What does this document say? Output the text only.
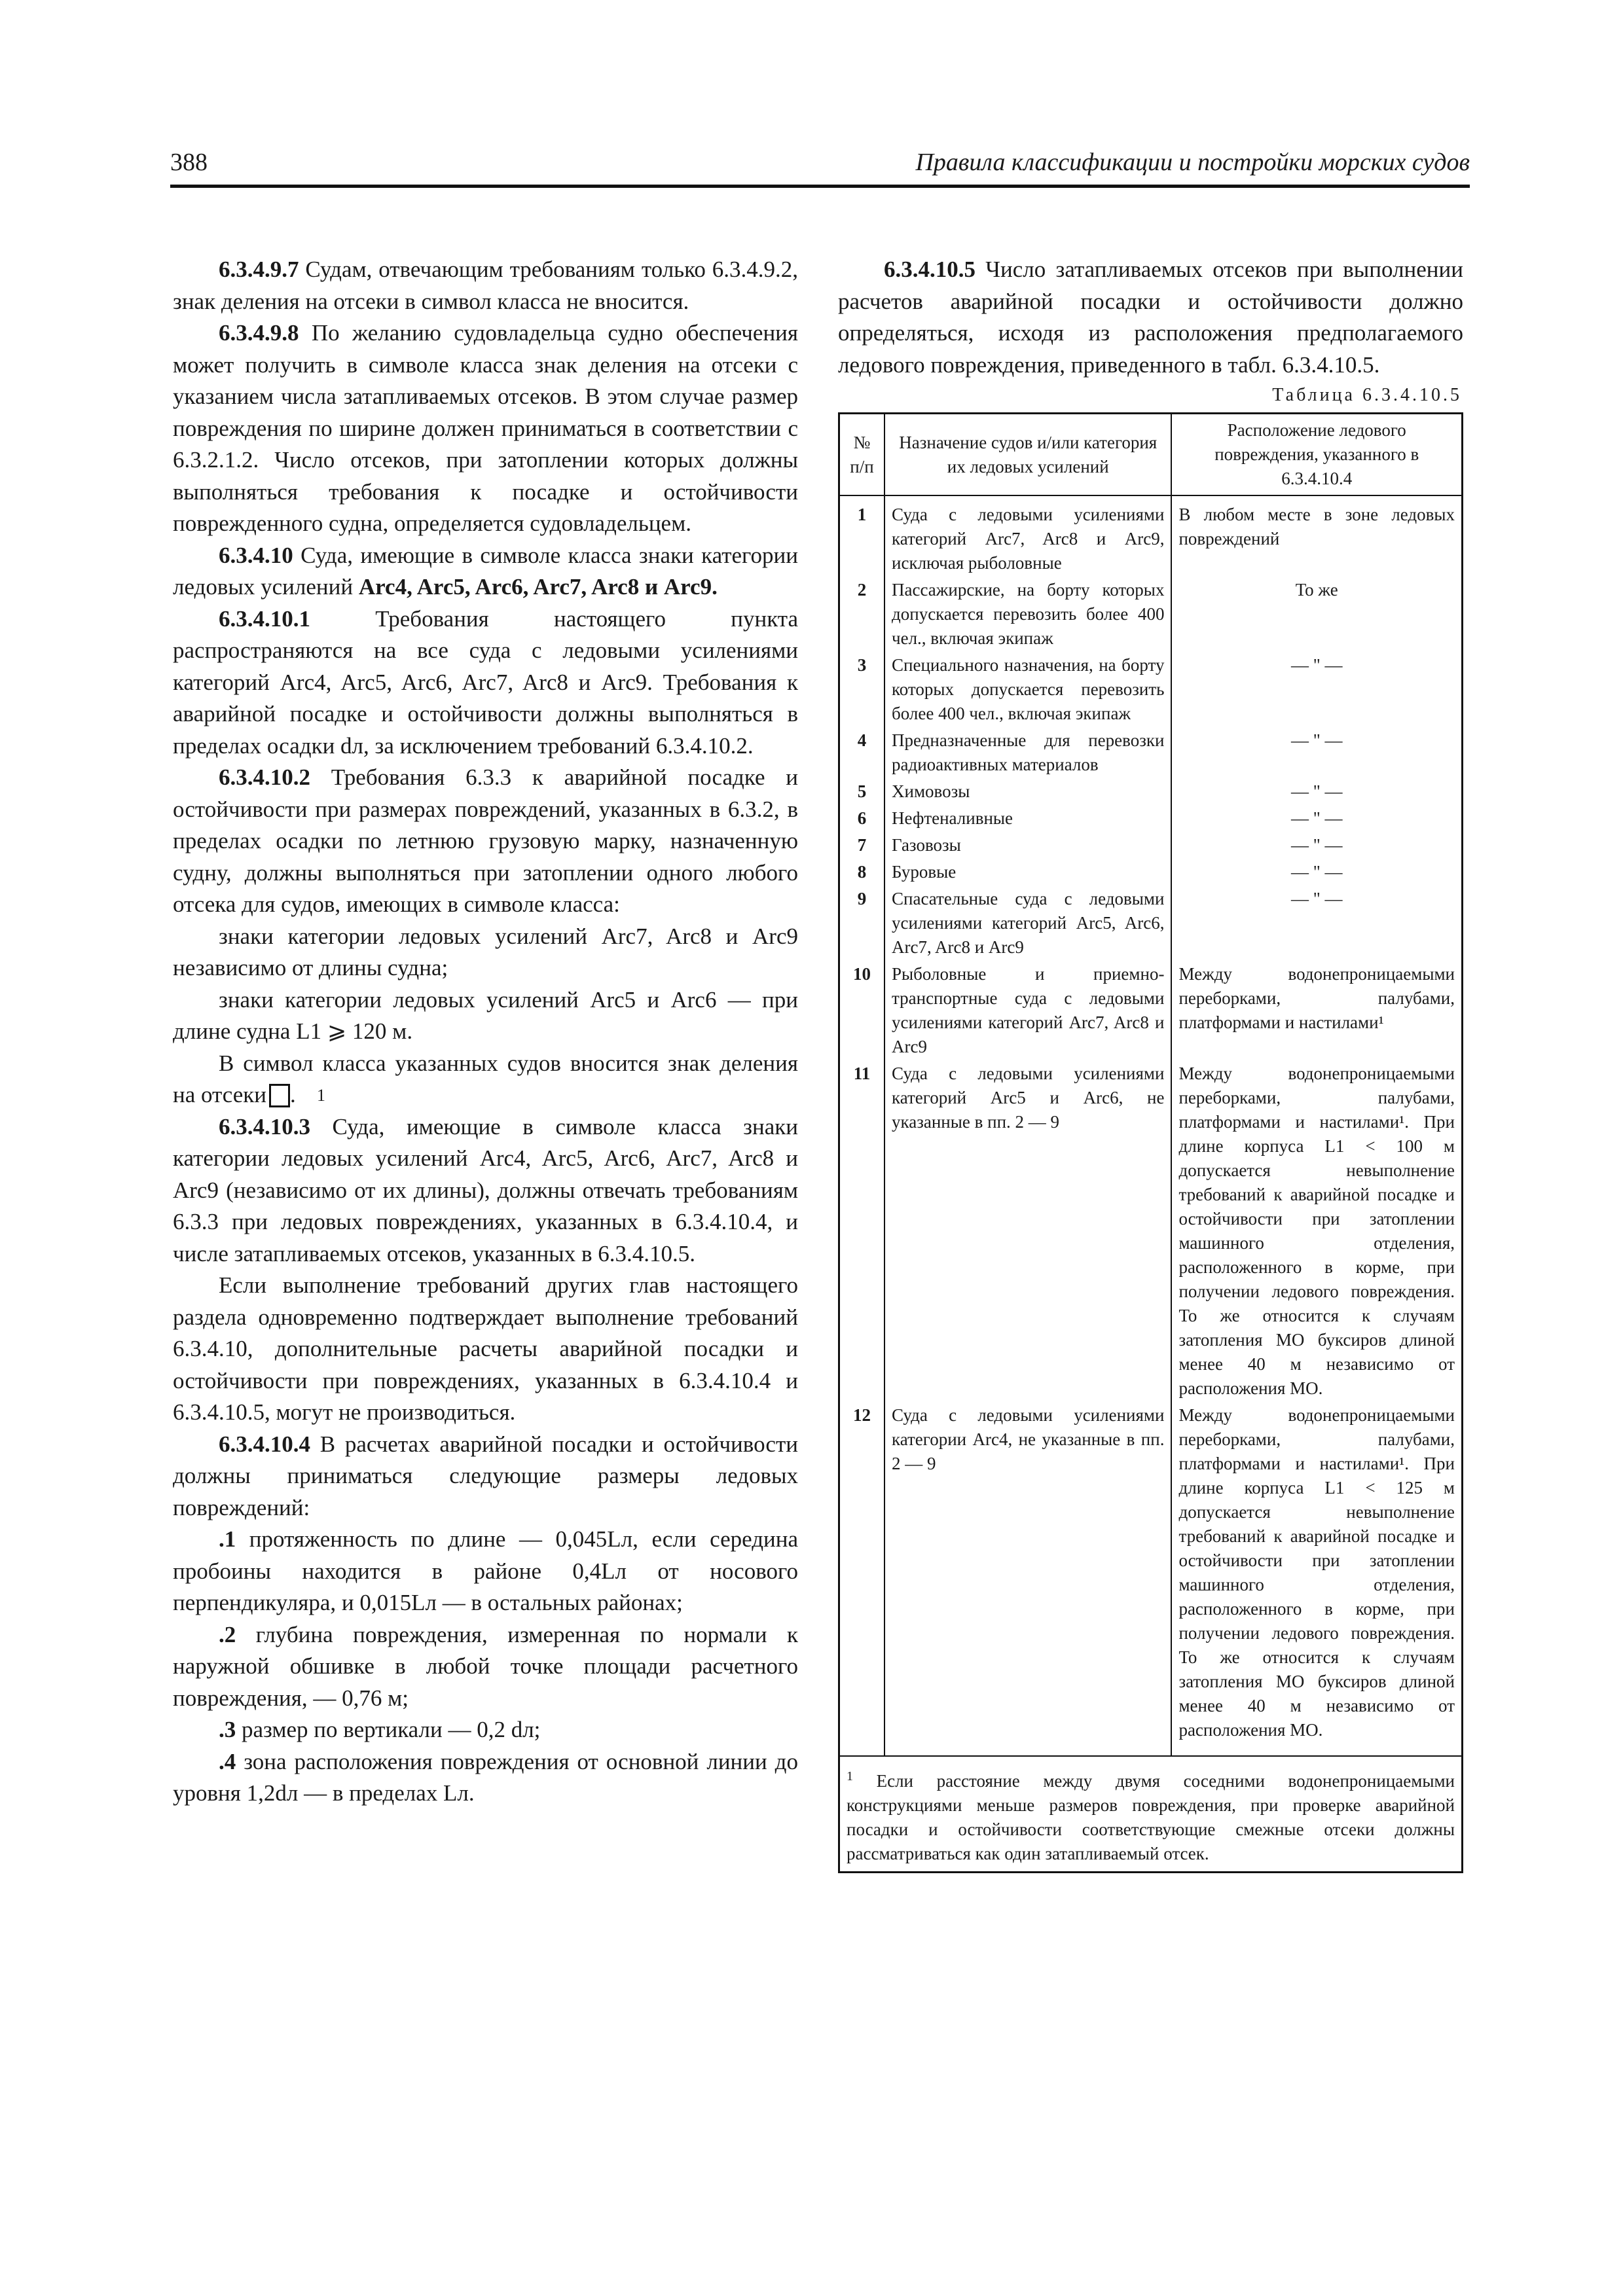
388	Правила классификации и постройки морских судов

6.3.4.9.7 Судам, отвечающим требованиям только 6.3.4.9.2, знак деления на отсеки в символ класса не вносится.

6.3.4.9.8 По желанию судовладельца судно обеспечения может получить в символе класса знак деления на отсеки с указанием числа затапливаемых отсеков. В этом случае размер повреждения по ширине должен приниматься в соответствии с 6.3.2.1.2. Число отсеков, при затоплении которых должны выполняться требования к посадке и остойчивости поврежденного судна, определяется судовладельцем.

6.3.4.10 Суда, имеющие в символе класса знаки категории ледовых усилений Arc4, Arc5, Arc6, Arc7, Arc8 и Arc9.

6.3.4.10.1 Требования настоящего пункта распространяются на все суда с ледовыми усилениями категорий Arc4, Arc5, Arc6, Arc7, Arc8 и Arc9. Требования к аварийной посадке и остойчивости должны выполняться в пределах осадки dл, за исключением требований 6.3.4.10.2.

6.3.4.10.2 Требования 6.3.3 к аварийной посадке и остойчивости при размерах повреждений, указанных в 6.3.2, в пределах осадки по летнюю грузовую марку, назначенную судну, должны выполняться при затоплении одного любого отсека для судов, имеющих в символе класса:

знаки категории ледовых усилений Arc7, Arc8 и Arc9 независимо от длины судна;

знаки категории ледовых усилений Arc5 и Arc6 — при длине судна L1 ⩾ 120 м.

В символ класса указанных судов вносится знак деления на отсеки	1.

6.3.4.10.3 Суда, имеющие в символе класса знаки категории ледовых усилений Arc4, Arc5, Arc6, Arc7, Arc8 и Arc9 (независимо от их длины), должны отвечать требованиям 6.3.3 при ледовых повреждениях, указанных в 6.3.4.10.4, и числе затапливаемых отсеков, указанных в 6.3.4.10.5.

Если выполнение требований других глав настоящего раздела одновременно подтверждает выполнение требований 6.3.4.10, дополнительные расчеты аварийной посадки и остойчивости при повреждениях, указанных в 6.3.4.10.4 и 6.3.4.10.5, могут не производиться.

6.3.4.10.4 В расчетах аварийной посадки и остойчивости должны приниматься следующие размеры ледовых повреждений:

.1 протяженность по длине — 0,045Lл, если середина пробоины находится в районе 0,4Lл от носового перпендикуляра, и 0,015Lл — в остальных районах;

.2 глубина повреждения, измеренная по нормали к наружной обшивке в любой точке площади расчетного повреждения, — 0,76 м;

.3 размер по вертикали — 0,2 dл;

.4 зона расположения повреждения от основной линии до уровня 1,2dл — в пределах Lл.

6.3.4.10.5 Число затапливаемых отсеков при выполнении расчетов аварийной посадки и остойчивости должно определяться, исходя из расположения предполагаемого ледового повреждения, приведенного в табл. 6.3.4.10.5.

Таблица 6.3.4.10.5
№ п/п	Назначение судов и/или категория их ледовых усилений	Расположение ледового повреждения, указанного в 6.3.4.10.4
1	Суда с ледовыми усилениями категорий Arc7, Arc8 и Arc9, исключая рыболовные	В любом месте в зоне ледовых повреждений
2	Пассажирские, на борту которых допускается перевозить более 400 чел., включая экипаж	То же
3	Специального назначения, на борту которых допускается перевозить более 400 чел., включая экипаж	— " —
4	Предназначенные для перевозки радиоактивных материалов	— " —
5	Химовозы	— " —
6	Нефтеналивные	— " —
7	Газовозы	— " —
8	Буровые	— " —
9	Спасательные суда с ледовыми усилениями категорий Arc5, Arc6, Arc7, Arc8 и Arc9	— " —
10	Рыболовные и приемно-транспортные суда с ледовыми усилениями категорий Arc7, Arc8 и Arc9	Между водонепроницаемыми переборками, палубами, платформами и настилами¹
11	Суда с ледовыми усилениями категорий Arc5 и Arc6, не указанные в пп. 2 — 9	Между водонепроницаемыми переборками, палубами, платформами и настилами¹. При длине корпуса L1 < 100 м допускается невыполнение требований к аварийной посадке и остойчивости при затоплении машинного отделения, расположенного в корме, при получении ледового повреждения. То же относится к случаям затопления МО буксиров длиной менее 40 м независимо от расположения МО.
12	Суда с ледовыми усилениями категории Arc4, не указанные в пп. 2 — 9	Между водонепроницаемыми переборками, палубами, платформами и настилами¹. При длине корпуса L1 < 125 м допускается невыполнение требований к аварийной посадке и остойчивости при затоплении машинного отделения, расположенного в корме, при получении ледового повреждения. То же относится к случаям затопления МО буксиров длиной менее 40 м независимо от расположения МО.
$^1$ Если расстояние между двумя соседними водонепроницаемыми конструкциями меньше размеров повреждения, при проверке аварийной посадки и остойчивости соответствующие смежные отсеки должны рассматриваться как один затапливаемый отсек.		
